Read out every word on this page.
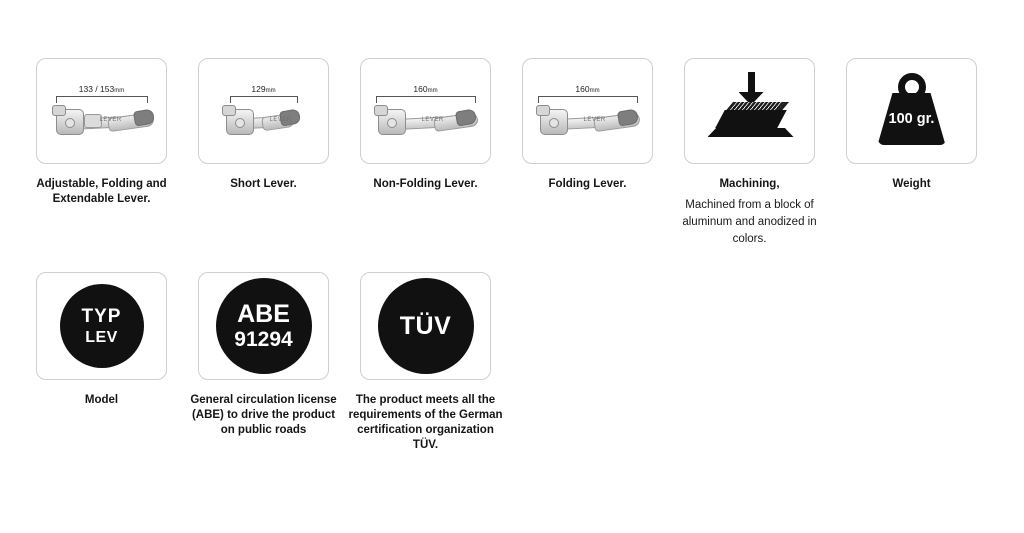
133 / 153mm
LEVER
Adjustable, Folding and Extendable Lever.
129mm
LEVER
Short Lever.
160mm
LEVER
Non-Folding Lever.
160mm
LEVER
Folding Lever.	Machining,
Machined from a block of aluminum and anodized in colors.
100 gr.
Weight
TYP
LEV
Model
ABE
91294
General circulation license (ABE) to drive the product on public roads
TÜV
The product meets all the requirements of the German certification organization TÜV.
